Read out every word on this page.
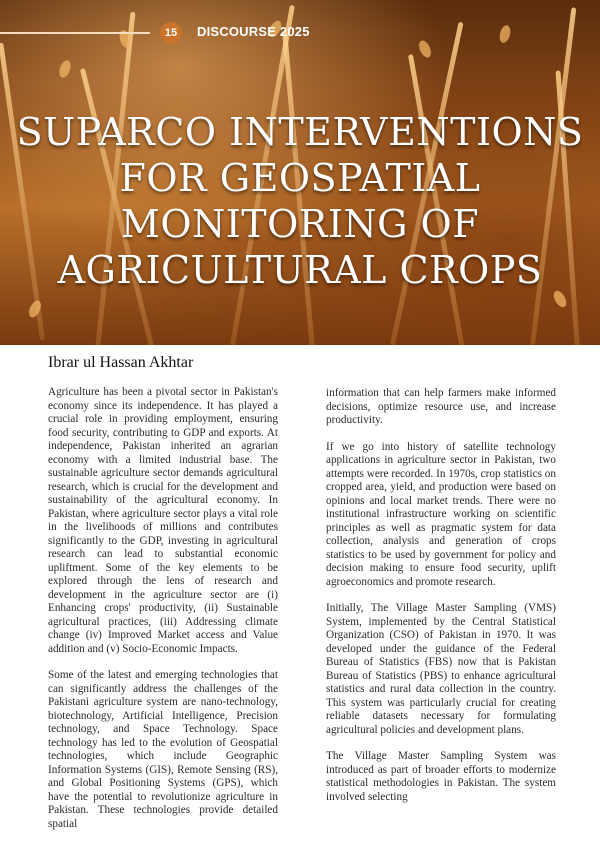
15	DISCOURSE 2025
SUPARCO INTERVENTIONS
FOR GEOSPATIAL
MONITORING OF
AGRICULTURAL CROPS
Ibrar ul Hassan Akhtar

Agriculture has been a pivotal sector in Pakistan's economy since its independence. It has played a crucial role in providing employment, ensuring food security, contributing to GDP and exports. At independence, Pakistan inherited an agrarian economy with a limited industrial base. The sustainable agriculture sector demands agricultural research, which is crucial for the development and sustainability of the agricultural economy. In Pakistan, where agriculture sector plays a vital role in the livelihoods of millions and contributes significantly to the GDP, investing in agricultural research can lead to substantial economic upliftment. Some of the key elements to be explored through the lens of research and development in the agriculture sector are (i) Enhancing crops' productivity, (ii) Sustainable agricultural practices, (iii) Addressing climate change (iv) Improved Market access and Value addition and (v) Socio-Economic Impacts.

Some of the latest and emerging technologies that can significantly address the challenges of the Pakistani agriculture system are nano-technology, biotechnology, Artificial Intelligence, Precision technology, and Space Technology. Space technology has led to the evolution of Geospatial technologies, which include Geographic Information Systems (GIS), Remote Sensing (RS), and Global Positioning Systems (GPS), which have the potential to revolutionize agriculture in Pakistan. These technologies provide detailed spatial

information that can help farmers make informed decisions, optimize resource use, and increase productivity.

If we go into history of satellite technology applications in agriculture sector in Pakistan, two attempts were recorded. In 1970s, crop statistics on cropped area, yield, and production were based on opinions and local market trends. There were no institutional infrastructure working on scientific principles as well as pragmatic system for data collection, analysis and generation of crops statistics to be used by government for policy and decision making to ensure food security, uplift agroeconomics and promote research.

Initially, The Village Master Sampling (VMS) System, implemented by the Central Statistical Organization (CSO) of Pakistan in 1970. It was developed under the guidance of the Federal Bureau of Statistics (FBS) now that is Pakistan Bureau of Statistics (PBS) to enhance agricultural statistics and rural data collection in the country. This system was particularly crucial for creating reliable datasets necessary for formulating agricultural policies and development plans.

The Village Master Sampling System was introduced as part of broader efforts to modernize statistical methodologies in Pakistan. The system involved selecting
